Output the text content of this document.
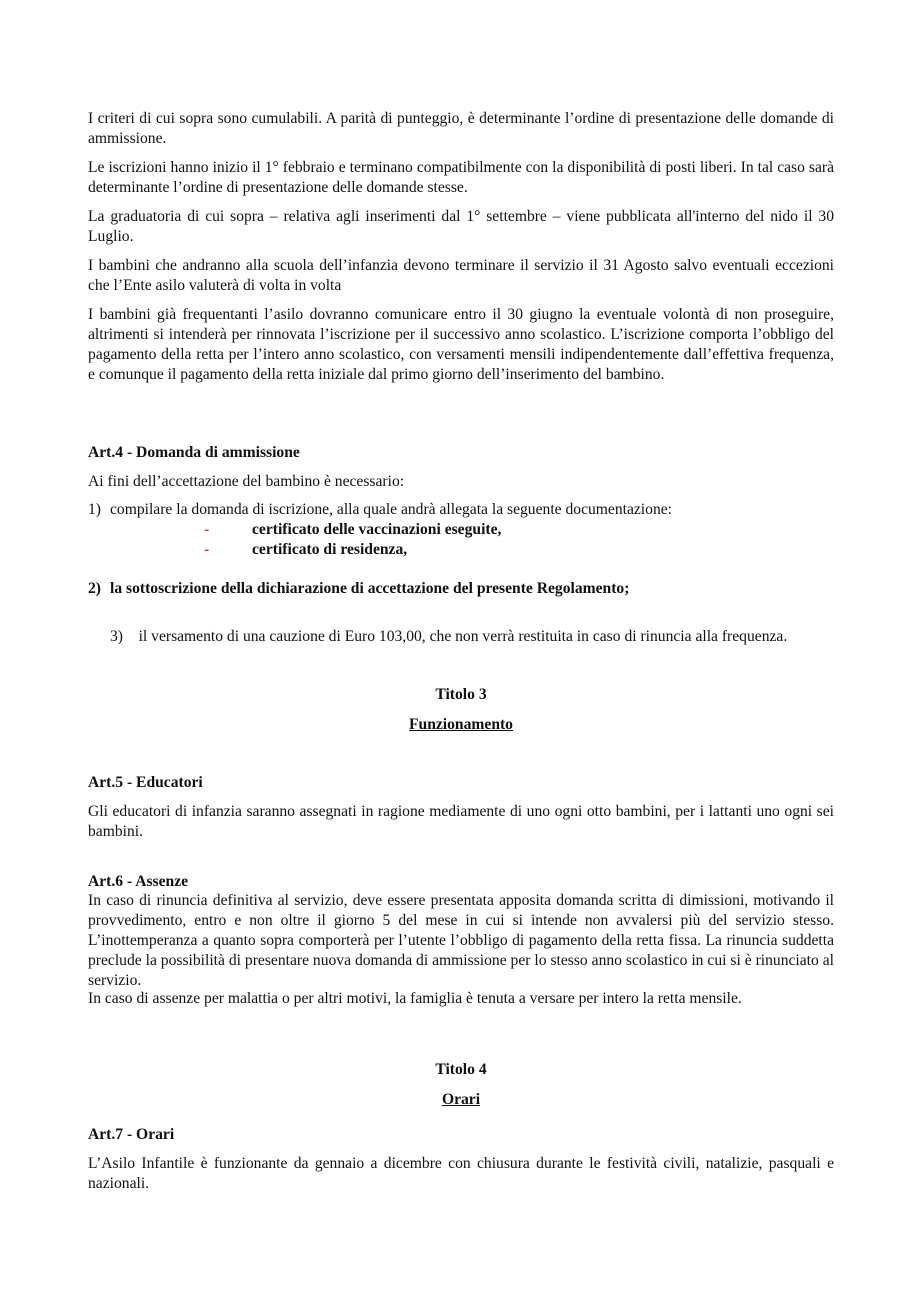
I criteri di cui sopra sono cumulabili. A parità di punteggio, è determinante l’ordine di presentazione delle domande di ammissione.

Le iscrizioni hanno inizio il 1° febbraio e terminano compatibilmente con la disponibilità di posti liberi. In tal caso sarà determinante l’ordine di presentazione delle domande stesse.

La graduatoria di cui sopra – relativa agli inserimenti dal 1° settembre – viene pubblicata all'interno del nido il 30 Luglio.

I bambini che andranno alla scuola dell’infanzia devono terminare il servizio il 31 Agosto salvo eventuali eccezioni che l’Ente asilo valuterà di volta in volta

I bambini già frequentanti l’asilo dovranno comunicare entro il 30 giugno la eventuale volontà di non proseguire, altrimenti si intenderà per rinnovata l’iscrizione per il successivo anno scolastico. L’iscrizione comporta l’obbligo del pagamento della retta per l’intero anno scolastico, con versamenti mensili indipendentemente dall’effettiva frequenza, e comunque il pagamento della retta iniziale dal primo giorno dell’inserimento del bambino.

Art.4 - Domanda di ammissione

Ai fini dell’accettazione del bambino è necessario:

1) compilare la domanda di iscrizione, alla quale andrà allegata la seguente documentazione:

-	certificato delle vaccinazioni eseguite,
-	certificato di residenza,

2) la sottoscrizione della dichiarazione di accettazione del presente Regolamento;

3) il versamento di una cauzione di Euro 103,00, che non verrà restituita in caso di rinuncia alla frequenza.

Titolo 3

Funzionamento

Art.5 - Educatori

Gli educatori di infanzia saranno assegnati in ragione mediamente di uno ogni otto bambini, per i lattanti uno ogni sei bambini.

Art.6 - Assenze

In caso di rinuncia definitiva al servizio, deve essere presentata apposita domanda scritta di dimissioni, motivando il provvedimento, entro e non oltre il giorno 5 del mese in cui si intende non avvalersi più del servizio stesso. L’inottemperanza a quanto sopra comporterà per l’utente l’obbligo di pagamento della retta fissa. La rinuncia suddetta preclude la possibilità di presentare nuova domanda di ammissione per lo stesso anno scolastico in cui si è rinunciato al servizio.

In caso di assenze per malattia o per altri motivi, la famiglia è tenuta a versare per intero la retta mensile.

Titolo 4

Orari

Art.7 - Orari

L’Asilo Infantile è funzionante da gennaio a dicembre con chiusura durante le festività civili, natalizie, pasquali e nazionali.
